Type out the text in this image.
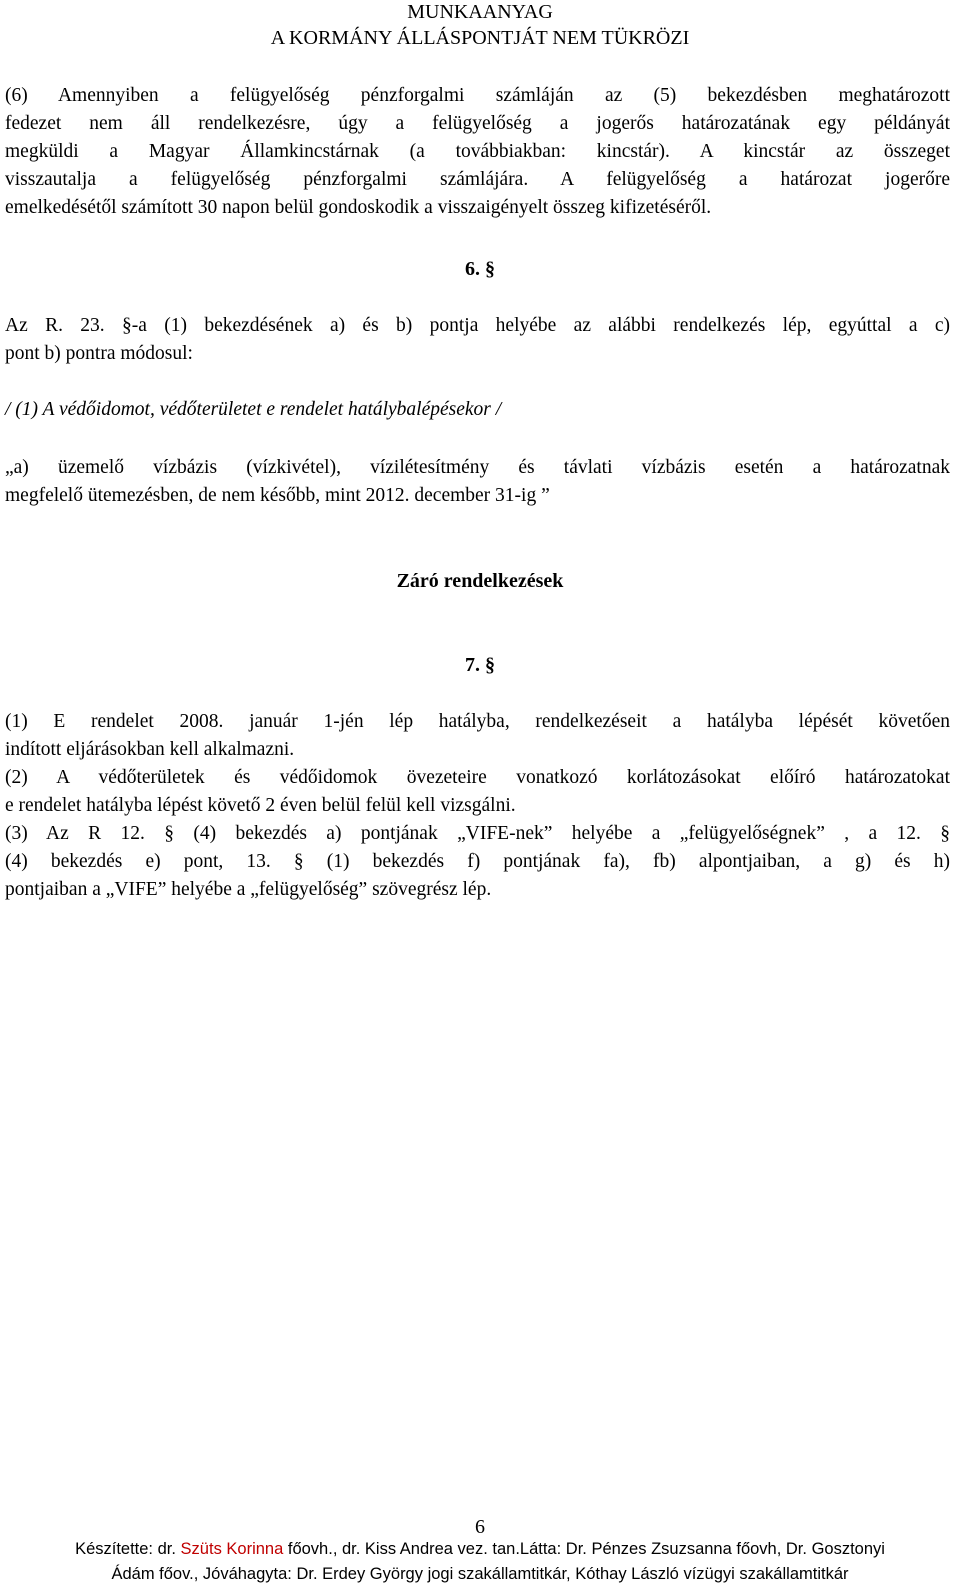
MUNKAANYAG
A KORMÁNY ÁLLÁSPONTJÁT NEM TÜKRÖZI
(6) Amennyiben a felügyelőség pénzforgalmi számláján az (5) bekezdésben meghatározott
fedezet nem áll rendelkezésre, úgy a felügyelőség a jogerős határozatának egy példányát
megküldi a Magyar Államkincstárnak (a továbbiakban: kincstár). A kincstár az összeget
visszautalja a felügyelőség pénzforgalmi számlájára. A felügyelőség a határozat jogerőre
emelkedésétől számított 30 napon belül gondoskodik a visszaigényelt összeg kifizetéséről.
6. §
Az R. 23. §-a (1) bekezdésének a) és b) pontja helyébe az alábbi rendelkezés lép, egyúttal a c)
pont b) pontra módosul:
/ (1) A védőidomot, védőterületet e rendelet hatálybalépésekor /
„a) üzemelő vízbázis (vízkivétel), vízilétesítmény és távlati vízbázis esetén a határozatnak
megfelelő ütemezésben, de nem később, mint 2012. december 31-ig ”
Záró rendelkezések
7. §
(1) E rendelet 2008. január 1-jén lép hatályba, rendelkezéseit a hatályba lépését követően
indított eljárásokban kell alkalmazni.
(2) A védőterületek és védőidomok övezeteire vonatkozó korlátozásokat előíró határozatokat
e rendelet hatályba lépést követő 2 éven belül felül kell vizsgálni.
(3) Az R 12. § (4) bekezdés a) pontjának „VIFE-nek” helyébe a „felügyelőségnek” , a 12. §
(4) bekezdés e) pont, 13. § (1) bekezdés f) pontjának fa), fb) alpontjaiban, a g) és h)
pontjaiban a „VIFE” helyébe a „felügyelőség” szövegrész lép.
6
Készítette: dr. Szüts Korinna főovh., dr. Kiss Andrea vez. tan.Látta: Dr. Pénzes Zsuzsanna főovh, Dr. Gosztonyi
Ádám főov., Jóváhagyta: Dr. Erdey György jogi szakállamtitkár, Kóthay László vízügyi szakállamtitkár
